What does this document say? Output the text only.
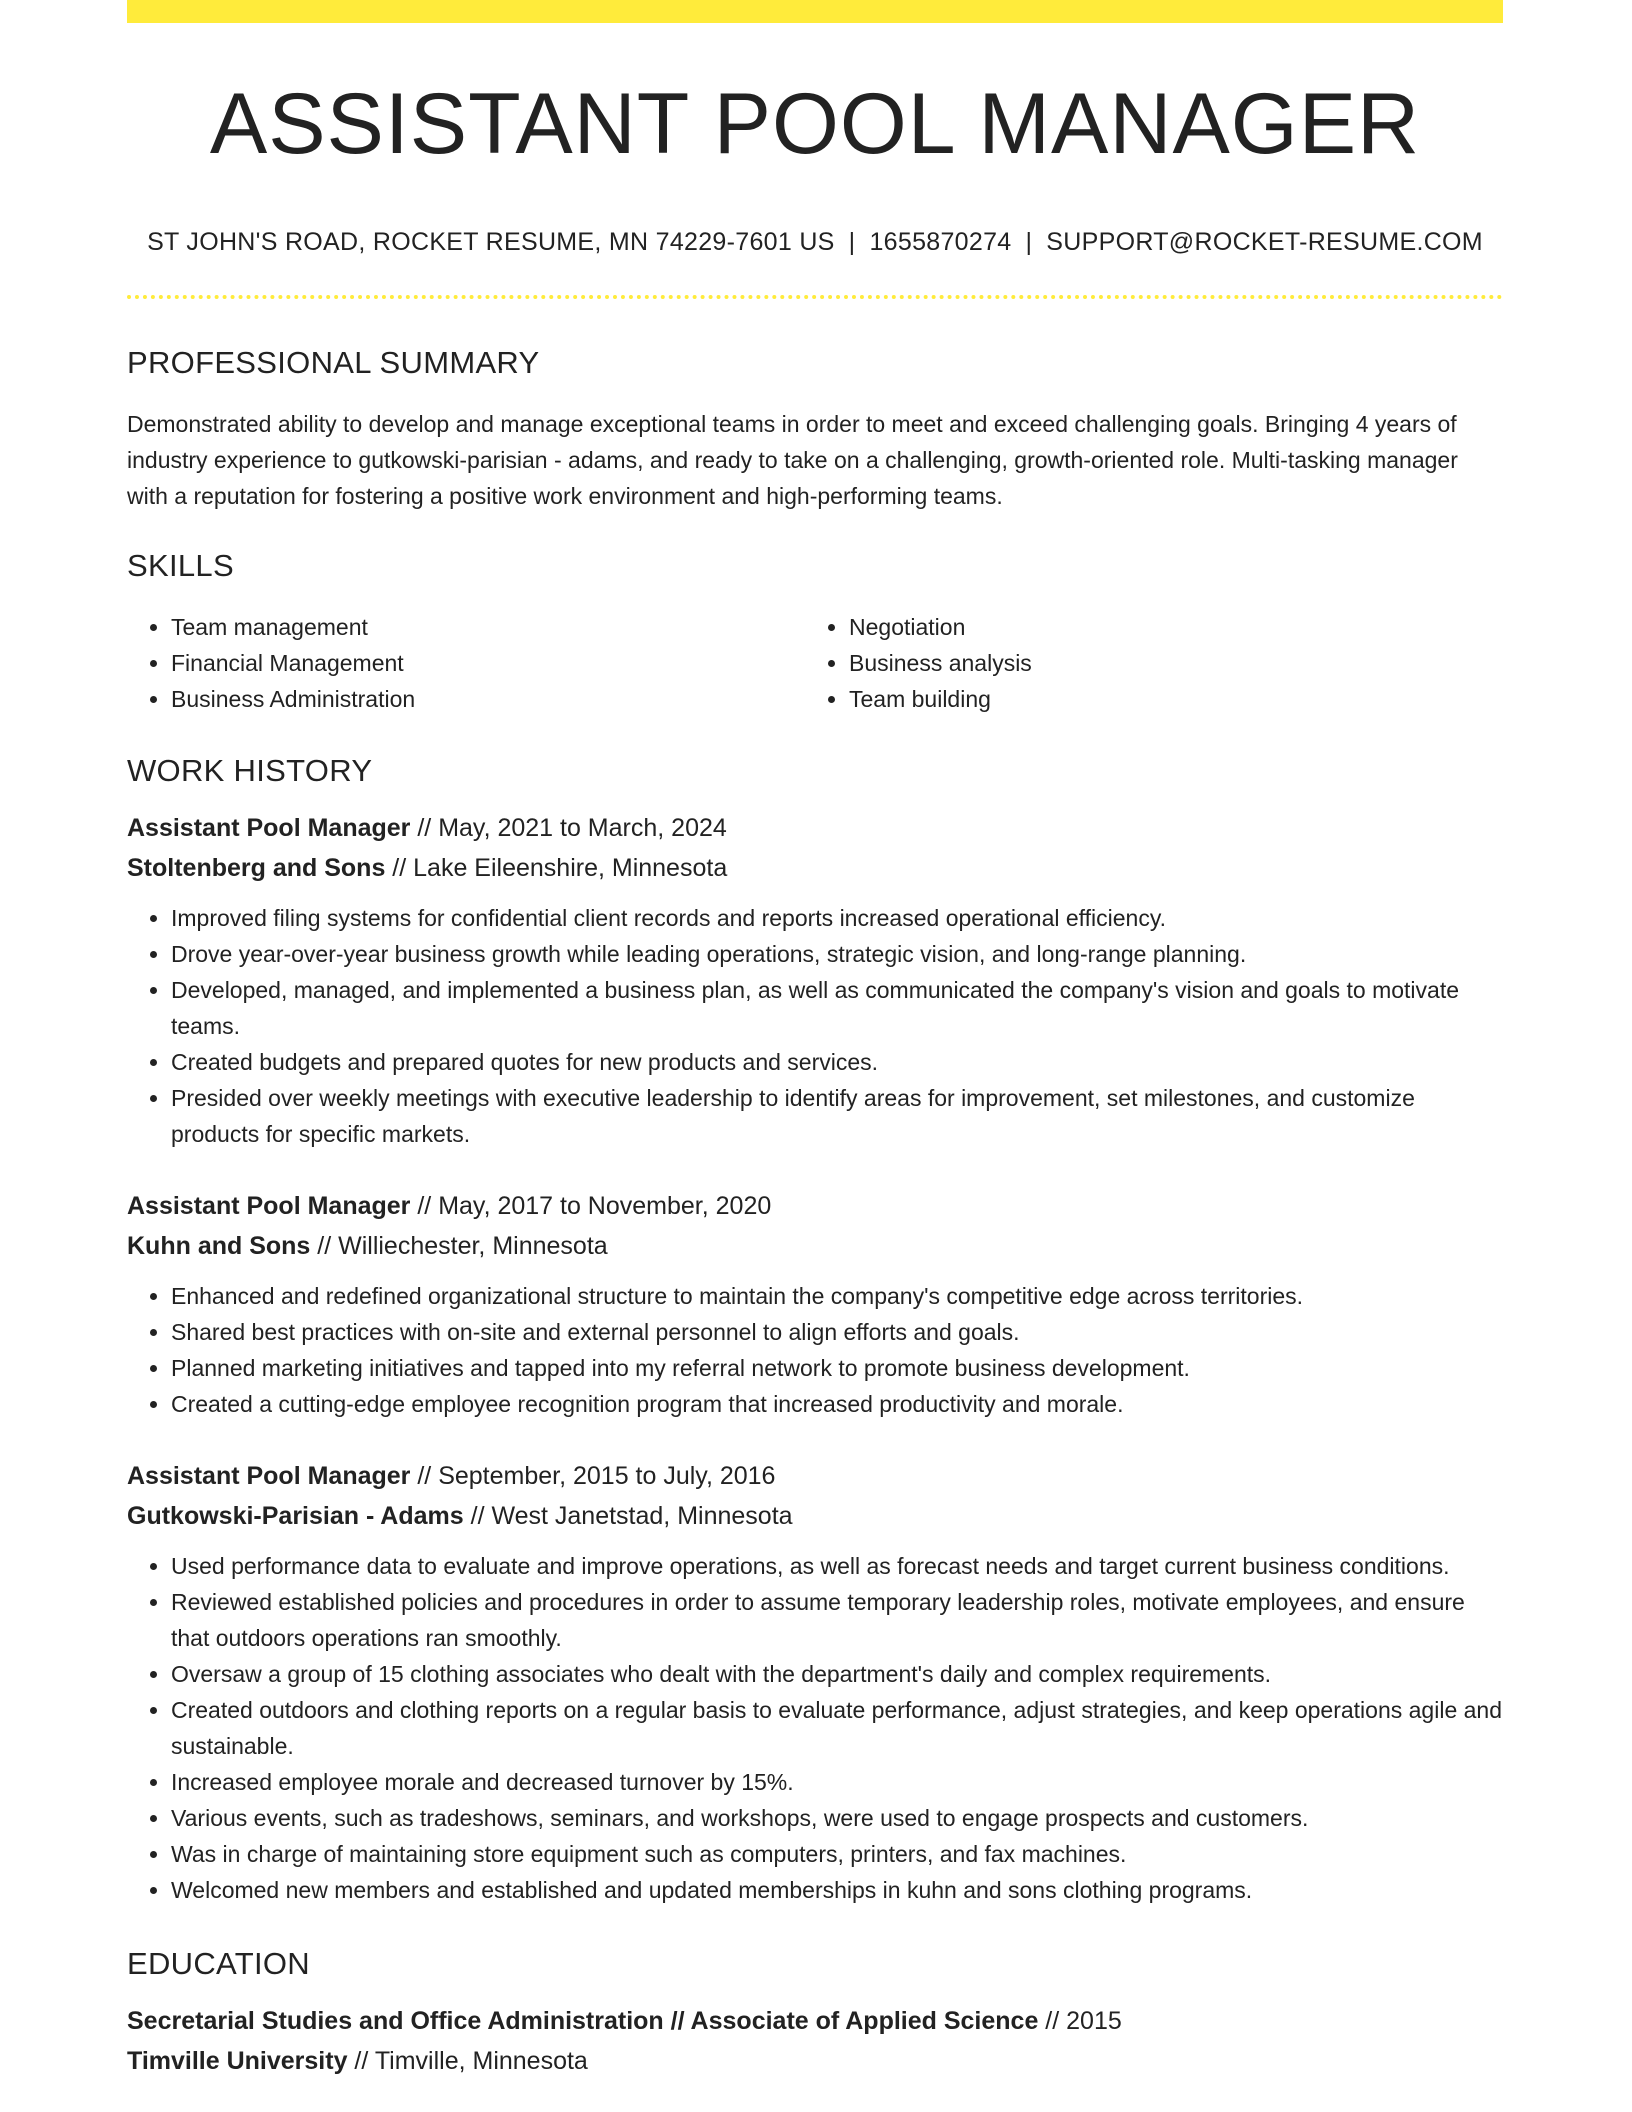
ASSISTANT POOL MANAGER
ST JOHN'S ROAD, ROCKET RESUME, MN 74229-7601 US | 1655870274 | SUPPORT@ROCKET-RESUME.COM
PROFESSIONAL SUMMARY
Demonstrated ability to develop and manage exceptional teams in order to meet and exceed challenging goals. Bringing 4 years of industry experience to gutkowski-parisian - adams, and ready to take on a challenging, growth-oriented role. Multi-tasking manager with a reputation for fostering a positive work environment and high-performing teams.
SKILLS
• Team management
• Financial Management
• Business Administration
• Negotiation
• Business analysis
• Team building
WORK HISTORY
Assistant Pool Manager // May, 2021 to March, 2024
Stoltenberg and Sons // Lake Eileenshire, Minnesota
• Improved filing systems for confidential client records and reports increased operational efficiency.
• Drove year-over-year business growth while leading operations, strategic vision, and long-range planning.
• Developed, managed, and implemented a business plan, as well as communicated the company's vision and goals to motivate teams.
• Created budgets and prepared quotes for new products and services.
• Presided over weekly meetings with executive leadership to identify areas for improvement, set milestones, and customize products for specific markets.
Assistant Pool Manager // May, 2017 to November, 2020
Kuhn and Sons // Williechester, Minnesota
• Enhanced and redefined organizational structure to maintain the company's competitive edge across territories.
• Shared best practices with on-site and external personnel to align efforts and goals.
• Planned marketing initiatives and tapped into my referral network to promote business development.
• Created a cutting-edge employee recognition program that increased productivity and morale.
Assistant Pool Manager // September, 2015 to July, 2016
Gutkowski-Parisian - Adams // West Janetstad, Minnesota
• Used performance data to evaluate and improve operations, as well as forecast needs and target current business conditions.
• Reviewed established policies and procedures in order to assume temporary leadership roles, motivate employees, and ensure that outdoors operations ran smoothly.
• Oversaw a group of 15 clothing associates who dealt with the department's daily and complex requirements.
• Created outdoors and clothing reports on a regular basis to evaluate performance, adjust strategies, and keep operations agile and sustainable.
• Increased employee morale and decreased turnover by 15%.
• Various events, such as tradeshows, seminars, and workshops, were used to engage prospects and customers.
• Was in charge of maintaining store equipment such as computers, printers, and fax machines.
• Welcomed new members and established and updated memberships in kuhn and sons clothing programs.
EDUCATION
Secretarial Studies and Office Administration // Associate of Applied Science // 2015
Timville University // Timville, Minnesota
